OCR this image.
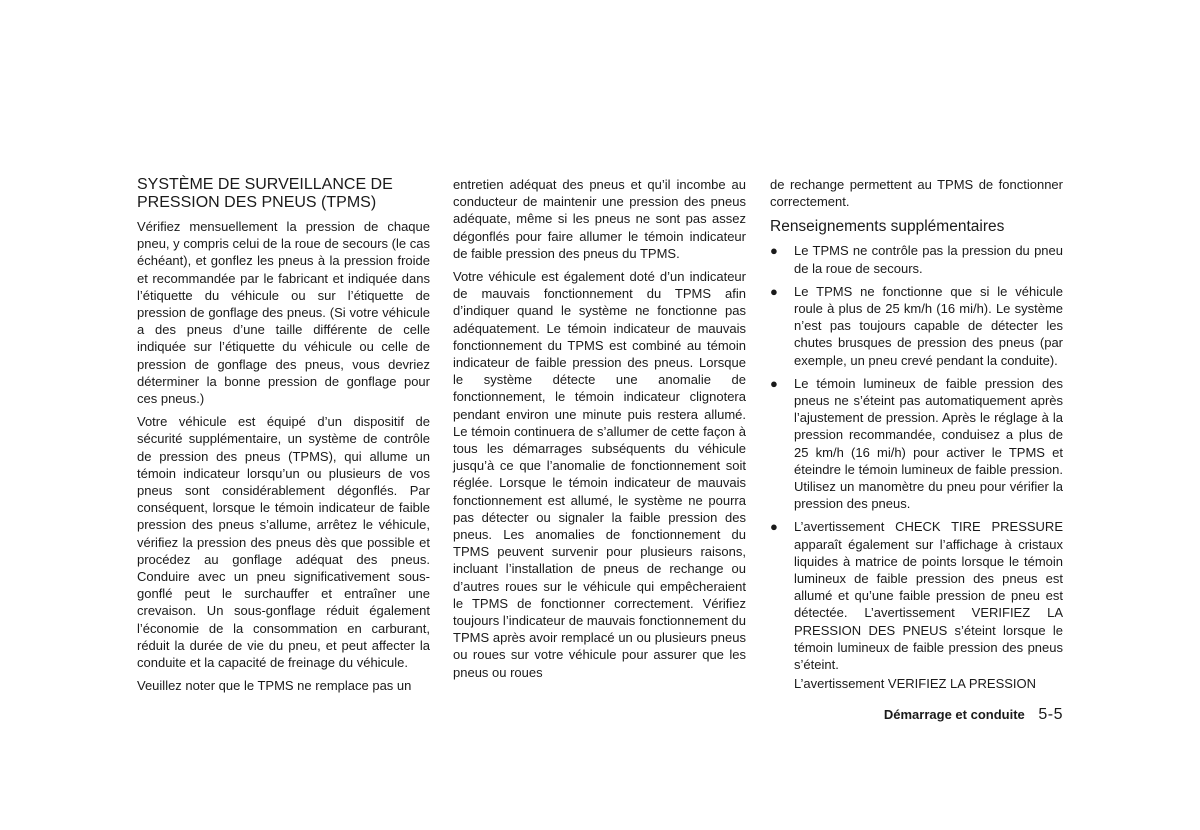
SYSTÈME DE SURVEILLANCE DE PRESSION DES PNEUS (TPMS)

Vérifiez mensuellement la pression de chaque pneu, y compris celui de la roue de secours (le cas échéant), et gonflez les pneus à la pression froide et recommandée par le fabricant et indiquée dans l’étiquette du véhicule ou sur l’étiquette de pression de gonflage des pneus. (Si votre véhicule a des pneus d’une taille différente de celle indiquée sur l’étiquette du véhicule ou celle de pression de gonflage des pneus, vous devriez déterminer la bonne pression de gonflage pour ces pneus.)

Votre véhicule est équipé d’un dispositif de sécurité supplémentaire, un système de contrôle de pression des pneus (TPMS), qui allume un témoin indicateur lorsqu’un ou plusieurs de vos pneus sont considérablement dégonflés. Par conséquent, lorsque le témoin indicateur de faible pression des pneus s’allume, arrêtez le véhicule, vérifiez la pression des pneus dès que possible et procédez au gonflage adéquat des pneus. Conduire avec un pneu significativement sous-gonflé peut le surchauffer et entraîner une crevaison. Un sous-gonflage réduit également l’économie de la consommation en carburant, réduit la durée de vie du pneu, et peut affecter la conduite et la capacité de freinage du véhicule.

Veuillez noter que le TPMS ne remplace pas un

entretien adéquat des pneus et qu’il incombe au conducteur de maintenir une pression des pneus adéquate, même si les pneus ne sont pas assez dégonflés pour faire allumer le témoin indicateur de faible pression des pneus du TPMS.

Votre véhicule est également doté d’un indicateur de mauvais fonctionnement du TPMS afin d’indiquer quand le système ne fonctionne pas adéquatement. Le témoin indicateur de mauvais fonctionnement du TPMS est combiné au témoin indicateur de faible pression des pneus. Lorsque le système détecte une anomalie de fonctionnement, le témoin indicateur clignotera pendant environ une minute puis restera allumé. Le témoin continuera de s’allumer de cette façon à tous les démarrages subséquents du véhicule jusqu’à ce que l’anomalie de fonctionnement soit réglée. Lorsque le témoin indicateur de mauvais fonctionnement est allumé, le système ne pourra pas détecter ou signaler la faible pression des pneus. Les anomalies de fonctionnement du TPMS peuvent survenir pour plusieurs raisons, incluant l’installation de pneus de rechange ou d’autres roues sur le véhicule qui empêcheraient le TPMS de fonctionner correctement. Vérifiez toujours l’indicateur de mauvais fonctionnement du TPMS après avoir remplacé un ou plusieurs pneus ou roues sur votre véhicule pour assurer que les pneus ou roues

de rechange permettent au TPMS de fonctionner correctement.

Renseignements supplémentaires
● Le TPMS ne contrôle pas la pression du pneu de la roue de secours.
● Le TPMS ne fonctionne que si le véhicule roule à plus de 25 km/h (16 mi/h). Le système n’est pas toujours capable de détecter les chutes brusques de pression des pneus (par exemple, un pneu crevé pendant la conduite).
● Le témoin lumineux de faible pression des pneus ne s’éteint pas automatiquement après l’ajustement de pression. Après le réglage à la pression recommandée, conduisez a plus de 25 km/h (16 mi/h) pour activer le TPMS et éteindre le témoin lumineux de faible pression. Utilisez un manomètre du pneu pour vérifier la pression des pneus.
● L’avertissement CHECK TIRE PRESSURE apparaît également sur l’affichage à cristaux liquides à matrice de points lorsque le témoin lumineux de faible pression des pneus est allumé et qu’une faible pression de pneu est détectée. L’avertissement VERIFIEZ LA PRESSION DES PNEUS s’éteint lorsque le témoin lumineux de faible pression des pneus s’éteint.

L’avertissement VERIFIEZ LA PRESSION

Démarrage et conduite 5-5
